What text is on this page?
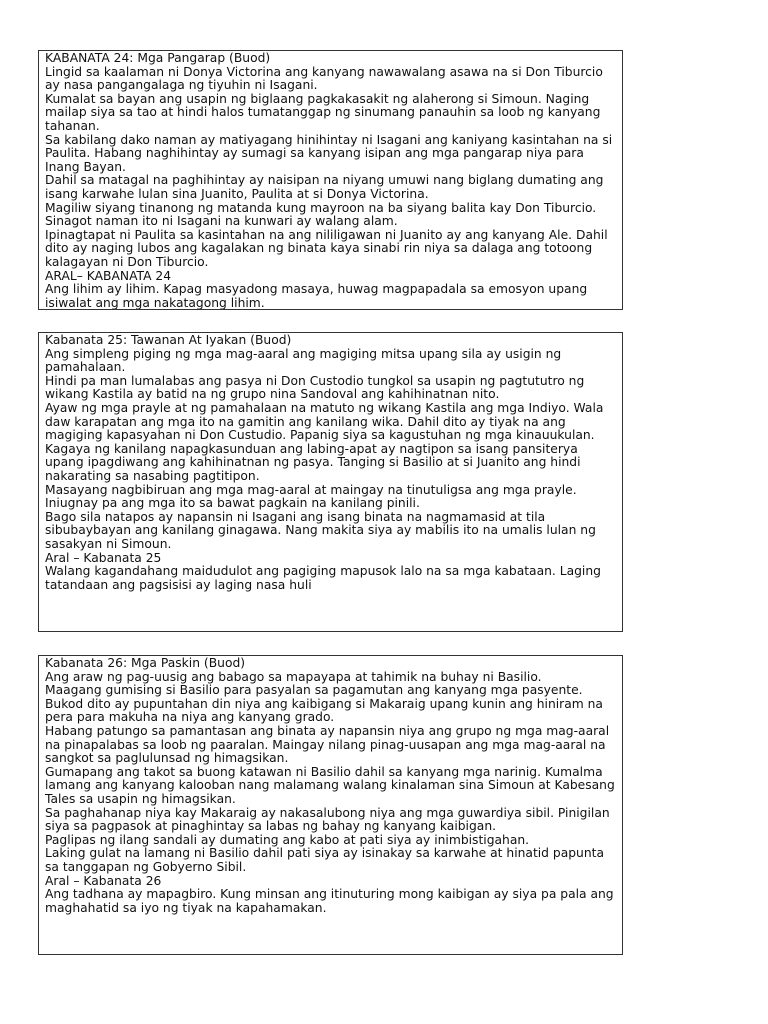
KABANATA 24: Mga Pangarap (Buod)
Lingid sa kaalaman ni Donya Victorina ang kanyang nawawalang asawa na si Don Tiburcio ay nasa pangangalaga ng tiyuhin ni Isagani.
Kumalat sa bayan ang usapin ng biglaang pagkakasakit ng alaherong si Simoun. Naging mailap siya sa tao at hindi halos tumatanggap ng sinumang panauhin sa loob ng kanyang tahanan.
Sa kabilang dako naman ay matiyagang hinihintay ni Isagani ang kaniyang kasintahan na si Paulita. Habang naghihintay ay sumagi sa kanyang isipan ang mga pangarap niya para Inang Bayan.
Dahil sa matagal na paghihintay ay naisipan na niyang umuwi nang biglang dumating ang isang karwahe lulan sina Juanito, Paulita at si Donya Victorina.
Magiliw siyang tinanong ng matanda kung mayroon na ba siyang balita kay Don Tiburcio. Sinagot naman ito ni Isagani na kunwari ay walang alam.
Ipinagtapat ni Paulita sa kasintahan na ang nililigawan ni Juanito ay ang kanyang Ale. Dahil dito ay naging lubos ang kagalakan ng binata kaya sinabi rin niya sa dalaga ang totoong kalagayan ni Don Tiburcio.
ARAL– KABANATA 24
Ang lihim ay lihim. Kapag masyadong masaya, huwag magpapadala sa emosyon upang isiwalat ang mga nakatagong lihim.
Kabanata 25: Tawanan At Iyakan (Buod)
Ang simpleng piging ng mga mag-aaral ang magiging mitsa upang sila ay usigin ng pamahalaan.
Hindi pa man lumalabas ang pasya ni Don Custodio tungkol sa usapin ng pagtututro ng wikang Kastila ay batid na ng grupo nina Sandoval ang kahihinatnan nito.
Ayaw ng mga prayle at ng pamahalaan na matuto ng wikang Kastila ang mga Indiyo. Wala daw karapatan ang mga ito na gamitin ang kanilang wika. Dahil dito ay tiyak na ang magiging kapasyahan ni Don Custudio. Papanig siya sa kagustuhan ng mga kinauukulan.
Kagaya ng kanilang napagkasunduan ang labing-apat ay nagtipon sa isang pansiterya upang ipagdiwang ang kahihinatnan ng pasya. Tanging si Basilio at si Juanito ang hindi nakarating sa nasabing pagtitipon.
Masayang nagbibiruan ang mga mag-aaral at maingay na tinutuligsa ang mga prayle. Iniugnay pa ang mga ito sa bawat pagkain na kanilang pinili.
Bago sila natapos ay napansin ni Isagani ang isang binata na nagmamasid at tila sibubaybayan ang kanilang ginagawa. Nang makita siya ay mabilis ito na umalis lulan ng sasakyan ni Simoun.
Aral – Kabanata 25
Walang kagandahang maidudulot ang pagiging mapusok lalo na sa mga kabataan. Laging tatandaan ang pagsisisi ay laging nasa huli
Kabanata 26: Mga Paskin (Buod)
Ang araw ng pag-uusig ang babago sa mapayapa at tahimik na buhay ni Basilio.
Maagang gumising si Basilio para pasyalan sa pagamutan ang kanyang mga pasyente. Bukod dito ay pupuntahan din niya ang kaibigang si Makaraig upang kunin ang hiniram na pera para makuha na niya ang kanyang grado.
Habang patungo sa pamantasan ang binata ay napansin niya ang grupo ng mga mag-aaral na pinapalabas sa loob ng paaralan. Maingay nilang pinag-uusapan ang mga mag-aaral na sangkot sa paglulunsad ng himagsikan.
Gumapang ang takot sa buong katawan ni Basilio dahil sa kanyang mga narinig. Kumalma lamang ang kanyang kalooban nang malamang walang kinalaman sina Simoun at Kabesang Tales sa usapin ng himagsikan.
Sa paghahanap niya kay Makaraig ay nakasalubong niya ang mga guwardiya sibil. Pinigilan siya sa pagpasok at pinaghintay sa labas ng bahay ng kanyang kaibigan.
Paglipas ng ilang sandali ay dumating ang kabo at pati siya ay inimbistigahan.
Laking gulat na lamang ni Basilio dahil pati siya ay isinakay sa karwahe at hinatid papunta sa tanggapan ng Gobyerno Sibil.
Aral – Kabanata 26
Ang tadhana ay mapagbiro. Kung minsan ang itinuturing mong kaibigan ay siya pa pala ang maghahatid sa iyo ng tiyak na kapahamakan.
